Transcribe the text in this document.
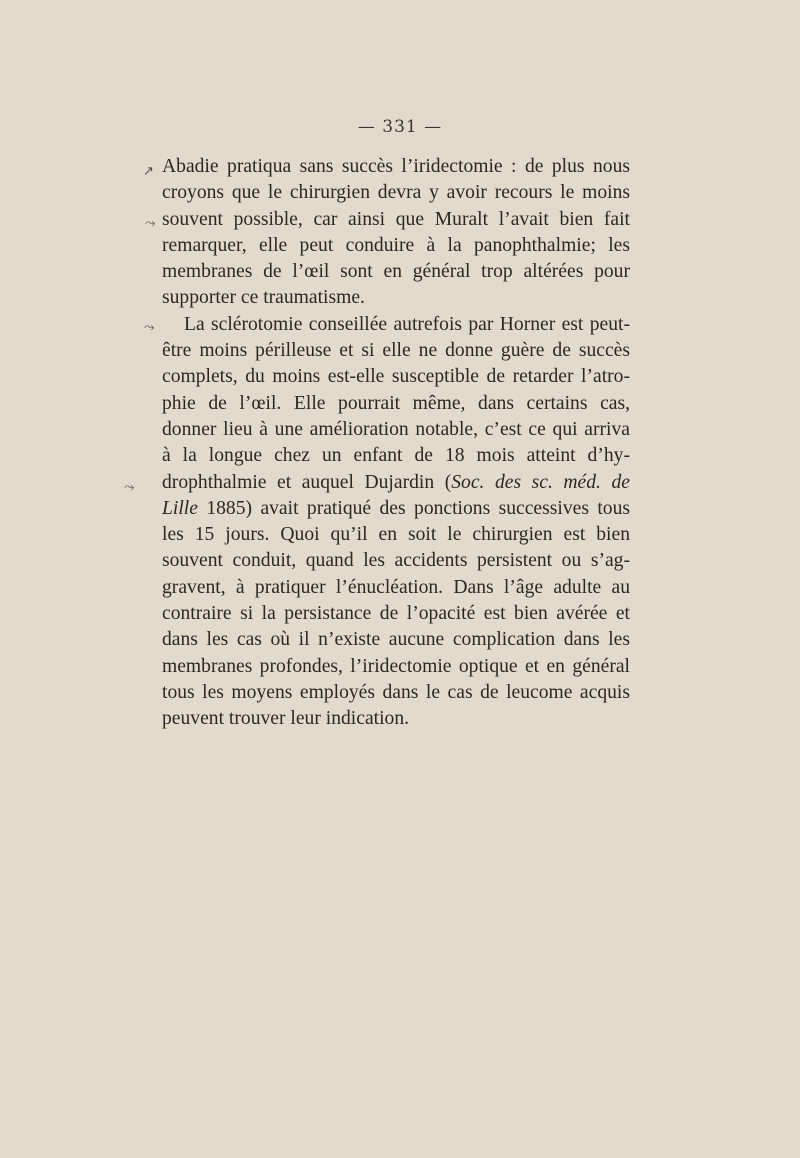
— 331 —
↗
⤳
⤳
⤳
Abadie pratiqua sans succès l’iridectomie : de plus nous
croyons que le chirurgien devra y avoir recours le moins
souvent possible, car ainsi que Muralt l’avait bien fait
remarquer, elle peut conduire à la panophthalmie; les
membranes de l’œil sont en général trop altérées pour
supporter ce traumatisme.
La sclérotomie conseillée autrefois par Horner est peut-
être moins périlleuse et si elle ne donne guère de succès
complets, du moins est-elle susceptible de retarder l’atro-
phie de l’œil. Elle pourrait même, dans certains cas,
donner lieu à une amélioration notable, c’est ce qui arriva
à la longue chez un enfant de 18 mois atteint d’hy-
drophthalmie et auquel Dujardin (Soc. des sc. méd. de
Lille 1885) avait pratiqué des ponctions successives tous
les 15 jours. Quoi qu’il en soit le chirurgien est bien
souvent conduit, quand les accidents persistent ou s’ag-
gravent, à pratiquer l’énucléation. Dans l’âge adulte au
contraire si la persistance de l’opacité est bien avérée et
dans les cas où il n’existe aucune complication dans les
membranes profondes, l’iridectomie optique et en général
tous les moyens employés dans le cas de leucome acquis
peuvent trouver leur indication.
